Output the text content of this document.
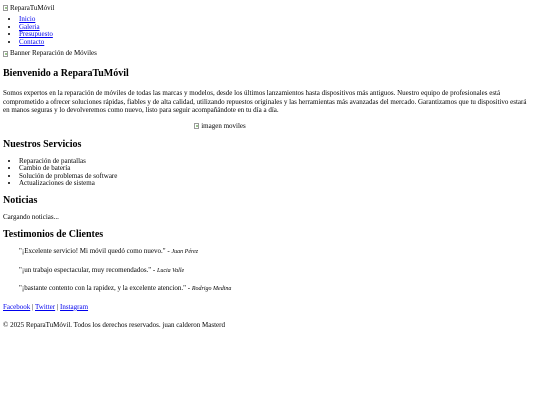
ReparaTuMóvil
• Inicio
• Galeria
• Presupuesto
• Contacto
Banner Reparación de Móviles
Bienvenido a ReparaTuMóvil

Somos expertos en la reparación de móviles de todas las marcas y modelos, desde los últimos lanzamientos hasta dispositivos más antiguos. Nuestro equipo de profesionales está comprometido a ofrecer soluciones rápidas, fiables y de alta calidad, utilizando repuestos originales y las herramientas más avanzadas del mercado. Garantizamos que tu dispositivo estará en manos seguras y lo devolveremos como nuevo, listo para seguir acompañándote en tu día a día.

imagen moviles
Nuestros Servicios
• Reparación de pantallas
• Cambio de batería
• Solución de problemas de software
• Actualizaciones de sistema
Noticias

Cargando noticias...

Testimonios de Clientes
"¡Excelente servicio! Mi móvil quedó como nuevo." - Juan Pérez
"¡un trabajo espectacular, muy recomendados." - Lucia Valle
"¡bastante contento con la rapidez, y la excelente atencion." - Rodrigo Medina
Facebook | Twitter | Instagram

© 2025 ReparaTuMóvil. Todos los derechos reservados. juan calderon Masterd
